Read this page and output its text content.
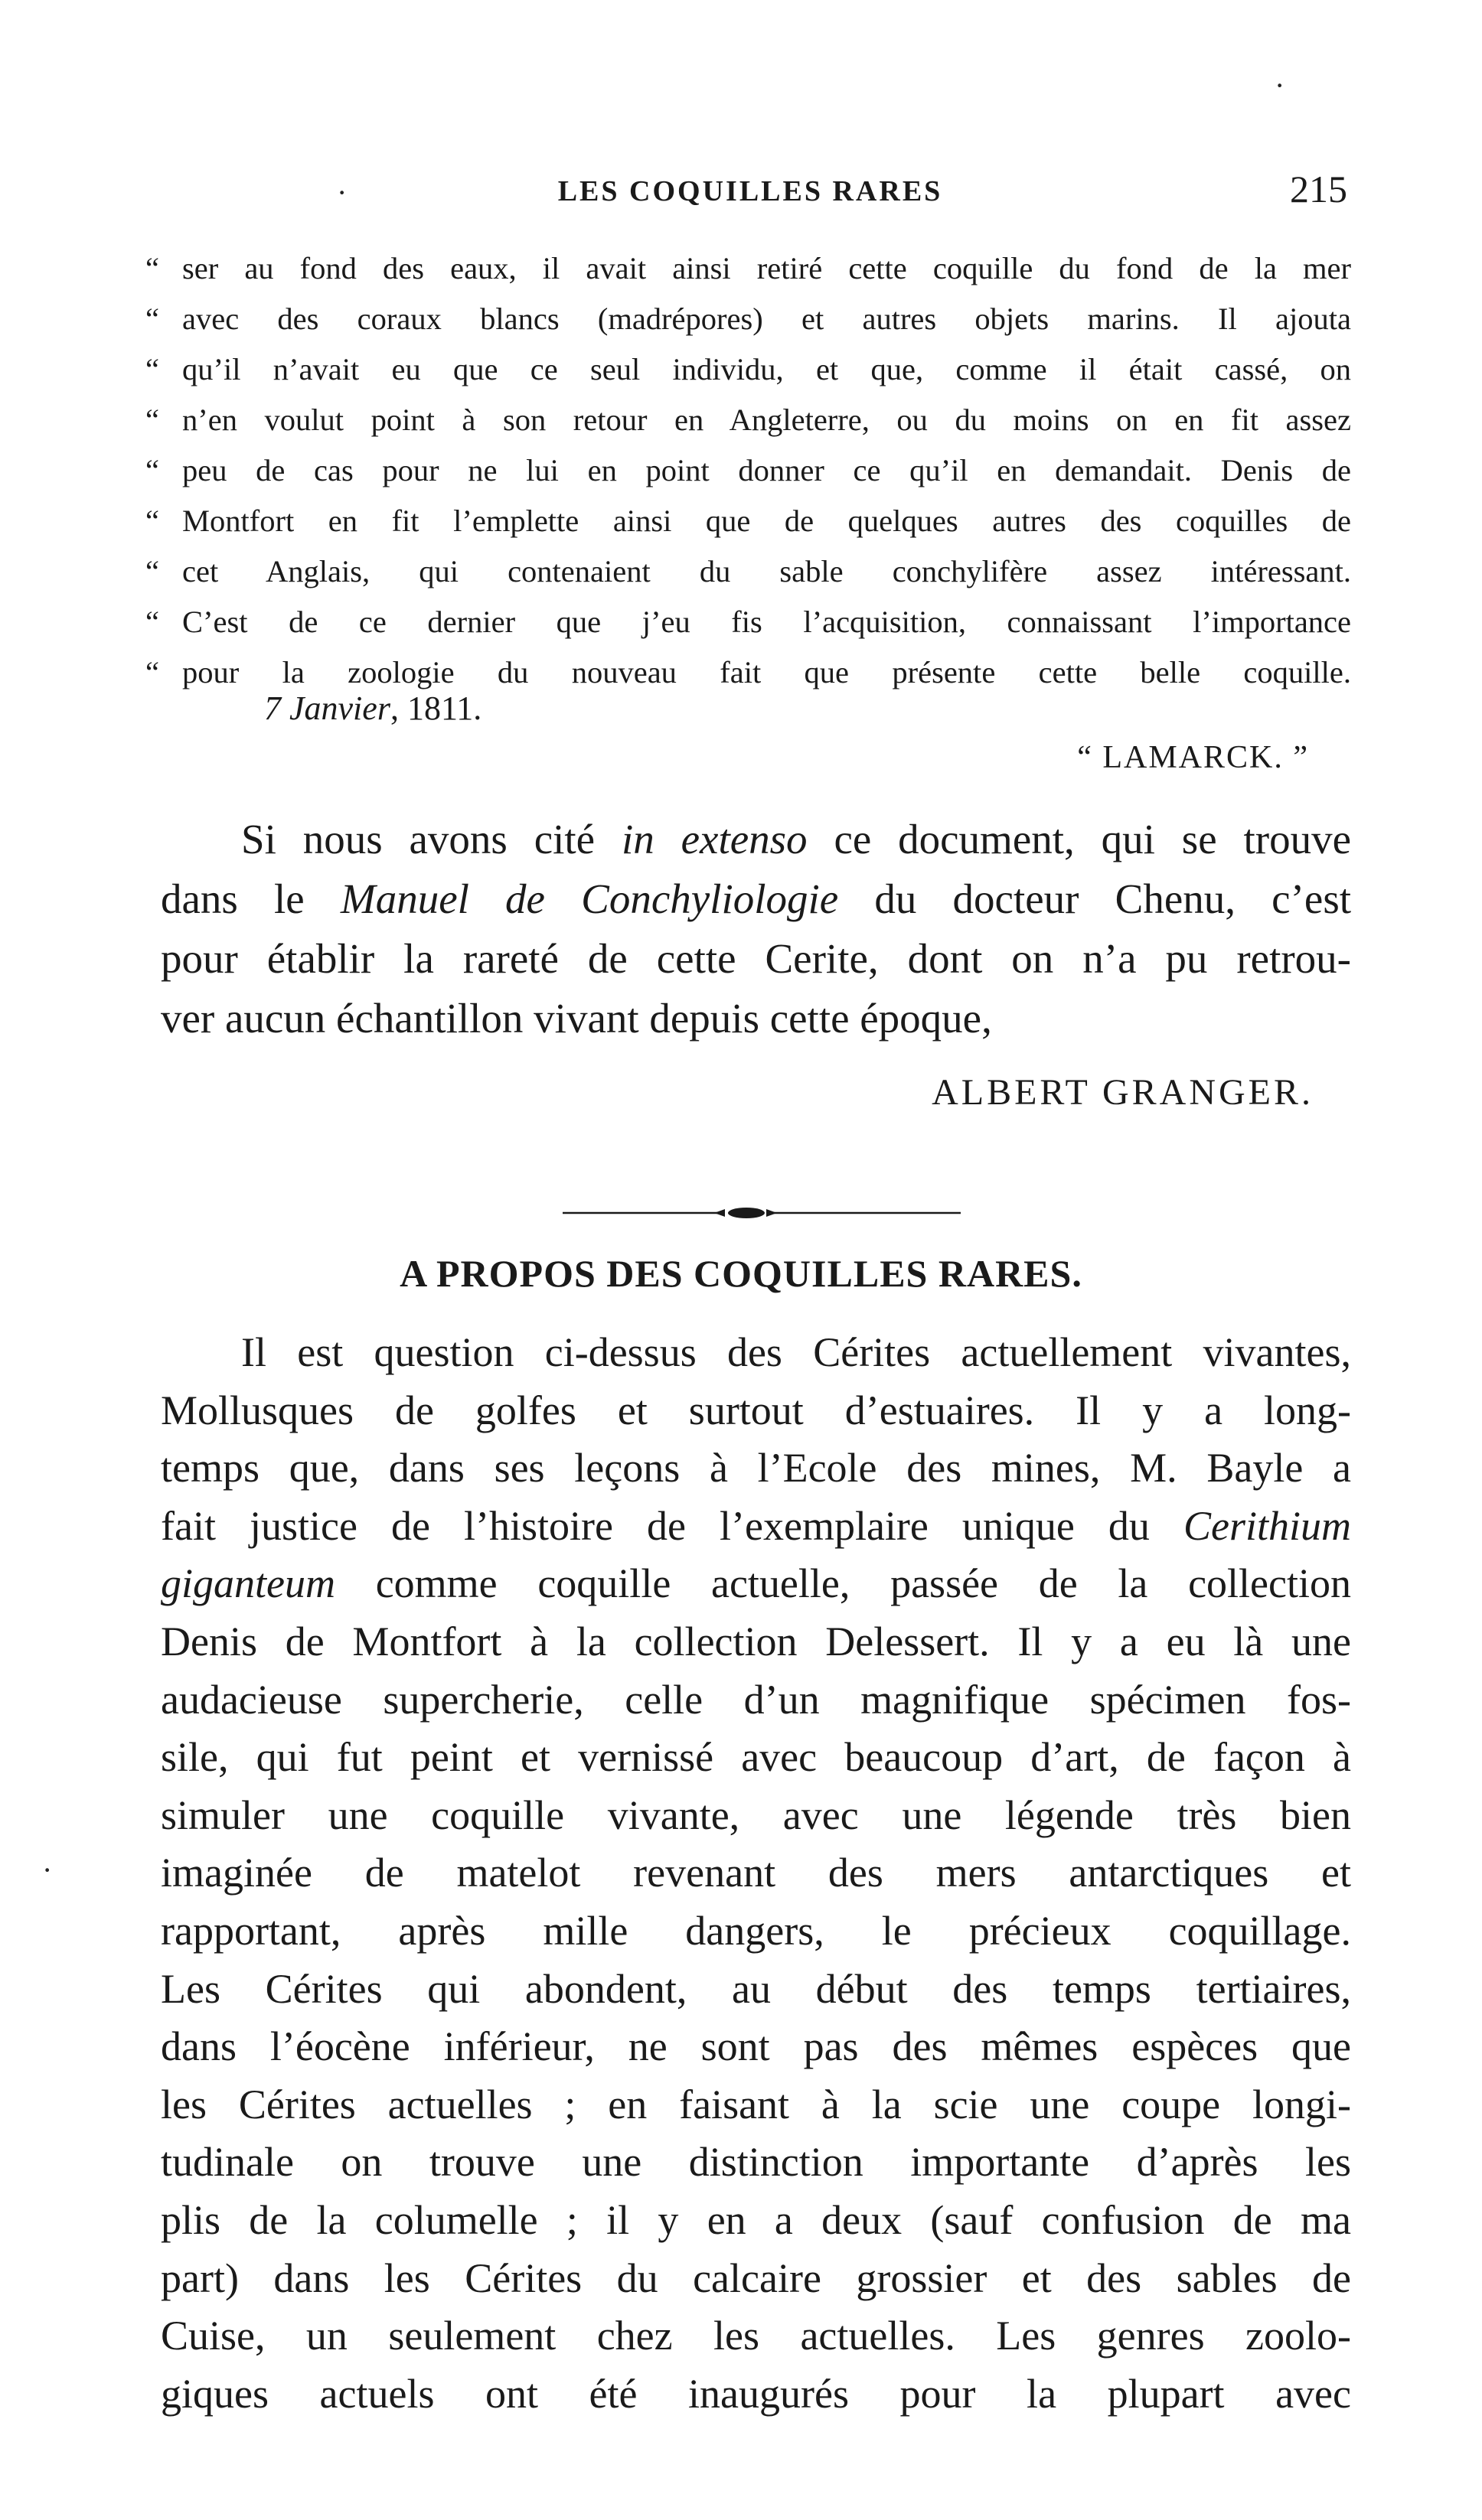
·
·
·
LES COQUILLES RARES	215
“ ser au fond des eaux, il avait ainsi retiré cette coquille du fond de la mer
“ avec des coraux blancs (madrépores) et autres objets marins. Il ajouta
“ qu’il n’avait eu que ce seul individu, et que, comme il était cassé, on
“ n’en voulut point à son retour en Angleterre, ou du moins on en fit assez
“ peu de cas pour ne lui en point donner ce qu’il en demandait. Denis de
“ Montfort en fit l’emplette ainsi que de quelques autres des coquilles de
“ cet Anglais, qui contenaient du sable conchylifère assez intéressant.
“ C’est de ce dernier que j’eu fis l’acquisition, connaissant l’importance
“ pour la zoologie du nouveau fait que présente cette belle coquille.
7 Janvier, 1811.
“ LAMARCK. ”
Si nous avons cité in extenso ce document, qui se trouve
dans le Manuel de Conchyliologie du docteur Chenu, c’est
pour établir la rareté de cette Cerite, dont on n’a pu retrou-
ver aucun échantillon vivant depuis cette époque,
ALBERT GRANGER.
A PROPOS DES COQUILLES RARES.
Il est question ci-dessus des Cérites actuellement vivantes,
Mollusques de golfes et surtout d’estuaires. Il y a long-
temps que, dans ses leçons à l’Ecole des mines, M. Bayle a
fait justice de l’histoire de l’exemplaire unique du Cerithium
giganteum comme coquille actuelle, passée de la collection
Denis de Montfort à la collection Delessert. Il y a eu là une
audacieuse supercherie, celle d’un magnifique spécimen fos-
sile, qui fut peint et vernissé avec beaucoup d’art, de façon à
simuler une coquille vivante, avec une légende très bien
imaginée de matelot revenant des mers antarctiques et
rapportant, après mille dangers, le précieux coquillage.
Les Cérites qui abondent, au début des temps tertiaires,
dans l’éocène inférieur, ne sont pas des mêmes espèces que
les Cérites actuelles ; en faisant à la scie une coupe longi-
tudinale on trouve une distinction importante d’après les
plis de la columelle ; il y en a deux (sauf confusion de ma
part) dans les Cérites du calcaire grossier et des sables de
Cuise, un seulement chez les actuelles. Les genres zoolo-
giques actuels ont été inaugurés pour la plupart avec
